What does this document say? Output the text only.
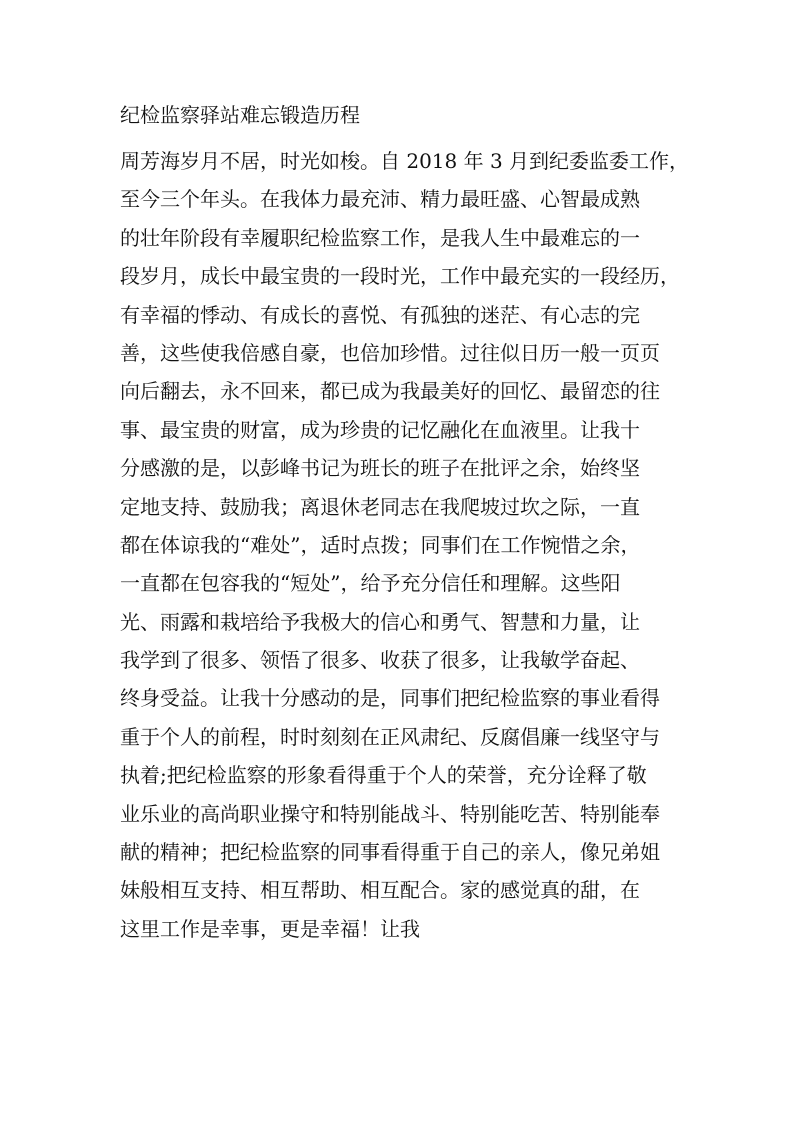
纪检监察驿站难忘锻造历程
周芳海岁月不居，时光如梭。自 2018 年 3 月到纪委监委工作，
至今三个年头。在我体力最充沛、精力最旺盛、心智最成熟
的壮年阶段有幸履职纪检监察工作，是我人生中最难忘的一
段岁月，成长中最宝贵的一段时光，工作中最充实的一段经历，
有幸福的悸动、有成长的喜悦、有孤独的迷茫、有心志的完
善，这些使我倍感自豪，也倍加珍惜。过往似日历一般一页页
向后翻去，永不回来，都已成为我最美好的回忆、最留恋的往
事、最宝贵的财富，成为珍贵的记忆融化在血液里。让我十
分感激的是，以彭峰书记为班长的班子在批评之余，始终坚
定地支持、鼓励我；离退休老同志在我爬坡过坎之际，一直
都在体谅我的“难处”，适时点拨；同事们在工作惋惜之余，
一直都在包容我的“短处”，给予充分信任和理解。这些阳
光、雨露和栽培给予我极大的信心和勇气、智慧和力量，让
我学到了很多、领悟了很多、收获了很多，让我敏学奋起、
终身受益。让我十分感动的是，同事们把纪检监察的事业看得
重于个人的前程，时时刻刻在正风肃纪、反腐倡廉一线坚守与
执着;把纪检监察的形象看得重于个人的荣誉，充分诠释了敬
业乐业的高尚职业操守和特别能战斗、特别能吃苦、特别能奉
献的精神；把纪检监察的同事看得重于自己的亲人，像兄弟姐
妹般相互支持、相互帮助、相互配合。家的感觉真的甜，在
这里工作是幸事，更是幸福！让我
